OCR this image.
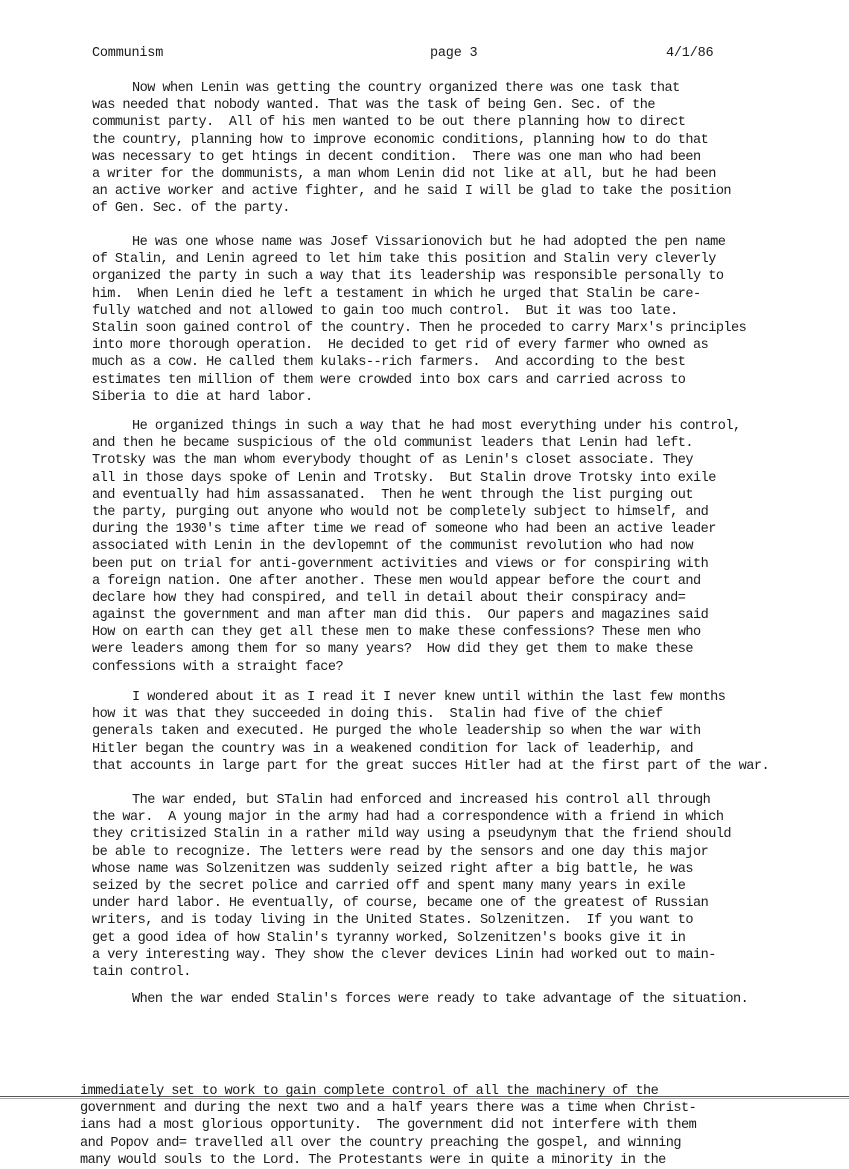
Communism	page 3	4/1/86
Now when Lenin was getting the country organized there was one task that
was needed that nobody wanted. That was the task of being Gen. Sec. of the
communist party.  All of his men wanted to be out there planning how to direct
the country, planning how to improve economic conditions, planning how to do that
was necessary to get htings in decent condition.  There was one man who had been
a writer for the dommunists, a man whom Lenin did not like at all, but he had been
an active worker and active fighter, and he said I will be glad to take the position
of Gen. Sec. of the party.
He was one whose name was Josef Vissarionovich but he had adopted the pen name
of Stalin, and Lenin agreed to let him take this position and Stalin very cleverly
organized the party in such a way that its leadership was responsible personally to
him.  When Lenin died he left a testament in which he urged that Stalin be care-
fully watched and not allowed to gain too much control.  But it was too late.
Stalin soon gained control of the country. Then he proceded to carry Marx's principles
into more thorough operation.  He decided to get rid of every farmer who owned as
much as a cow. He called them kulaks--rich farmers.  And according to the best
estimates ten million of them were crowded into box cars and carried across to
Siberia to die at hard labor.
He organized things in such a way that he had most everything under his control,
and then he became suspicious of the old communist leaders that Lenin had left.
Trotsky was the man whom everybody thought of as Lenin's closet associate. They
all in those days spoke of Lenin and Trotsky.  But Stalin drove Trotsky into exile
and eventually had him assassanated.  Then he went through the list purging out
the party, purging out anyone who would not be completely subject to himself, and
during the 1930's time after time we read of someone who had been an active leader
associated with Lenin in the devlopemnt of the communist revolution who had now
been put on trial for anti-government activities and views or for conspiring with
a foreign nation. One after another. These men would appear before the court and
declare how they had conspired, and tell in detail about their conspiracy and=
against the government and man after man did this.  Our papers and magazines said
How on earth can they get all these men to make these confessions? These men who
were leaders among them for so many years?  How did they get them to make these
confessions with a straight face?
I wondered about it as I read it I never knew until within the last few months
how it was that they succeeded in doing this.  Stalin had five of the chief
generals taken and executed. He purged the whole leadership so when the war with
Hitler began the country was in a weakened condition for lack of leaderhip, and
that accounts in large part for the great succes Hitler had at the first part of the war.
The war ended, but STalin had enforced and increased his control all through
the war.  A young major in the army had had a correspondence with a friend in which
they critisized Stalin in a rather mild way using a pseudynym that the friend should
be able to recognize. The letters were read by the sensors and one day this major
whose name was Solzenitzen was suddenly seized right after a big battle, he was
seized by the secret police and carried off and spent many many years in exile
under hard labor. He eventually, of course, became one of the greatest of Russian
writers, and is today living in the United States. Solzenitzen.  If you want to
get a good idea of how Stalin's tyranny worked, Solzenitzen's books give it in
a very interesting way. They show the clever devices Linin had worked out to main-
tain control.
When the war ended Stalin's forces were ready to take advantage of the situation.
immediately set to work to gain complete control of all the machinery of the
government and during the next two and a half years there was a time when Christ-
ians had a most glorious opportunity.  The government did not interfere with them
and Popov and= travelled all over the country preaching the gospel, and winning
many would souls to the Lord. The Protestants were in quite a minority in the
